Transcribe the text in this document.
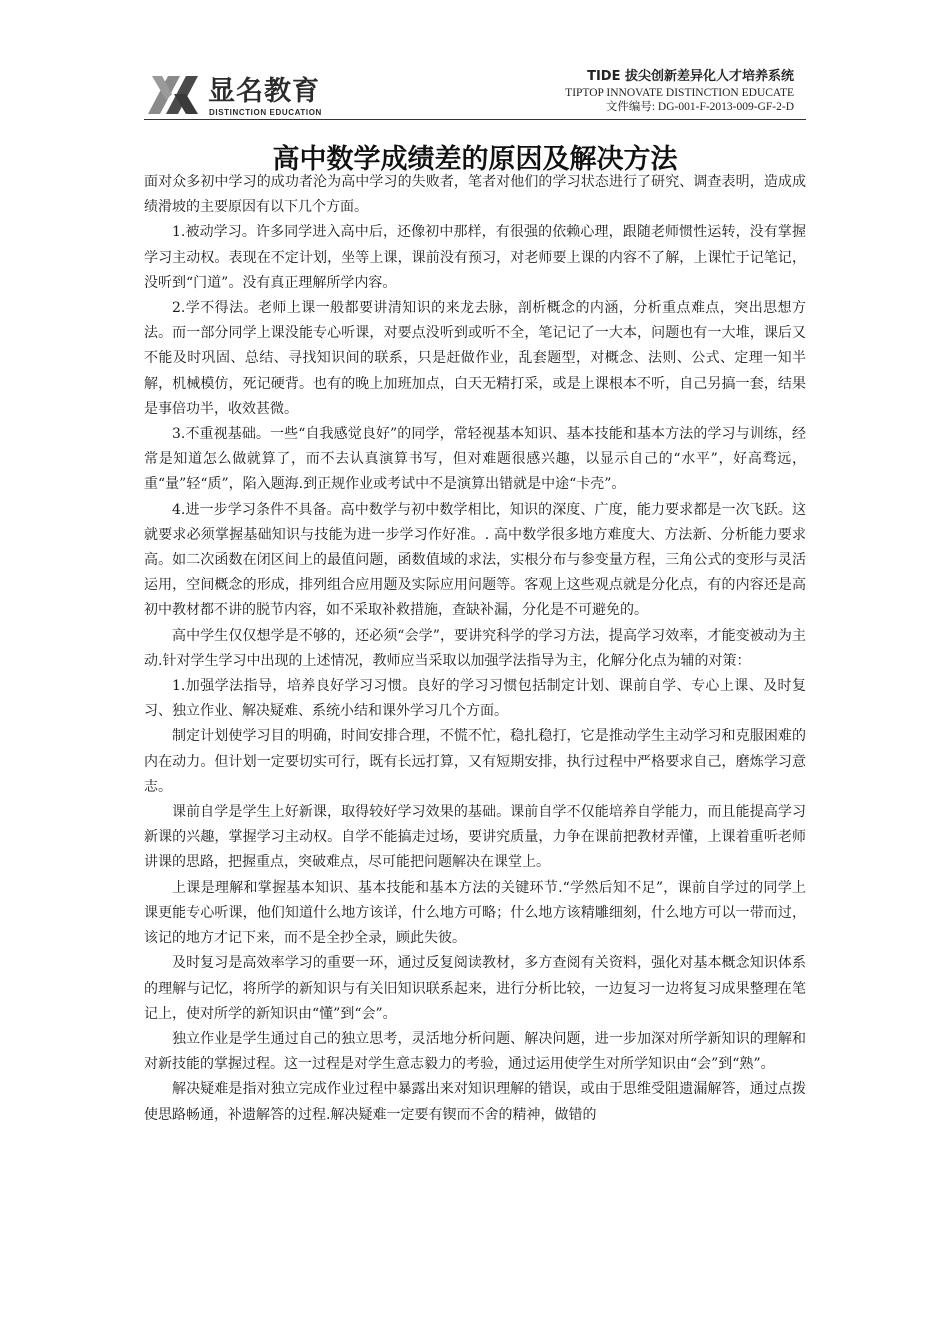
显名教育
DISTINCTION EDUCATION
TIDE 拔尖创新差异化人才培养系统
TIPTOP INNOVATE DISTINCTION EDUCATE
文件编号: DG-001-F-2013-009-GF-2-D
高中数学成绩差的原因及解决方法

面对众多初中学习的成功者沦为高中学习的失败者，笔者对他们的学习状态进行了研究、调查表明，造成成绩滑坡的主要原因有以下几个方面。

1.被动学习。许多同学进入高中后，还像初中那样，有很强的依赖心理，跟随老师惯性运转，没有掌握学习主动权。表现在不定计划，坐等上课，课前没有预习，对老师要上课的内容不了解，上课忙于记笔记，没听到“门道”。没有真正理解所学内容。

2.学不得法。老师上课一般都要讲清知识的来龙去脉，剖析概念的内涵，分析重点难点，突出思想方法。而一部分同学上课没能专心听课，对要点没听到或听不全，笔记记了一大本，问题也有一大堆，课后又不能及时巩固、总结、寻找知识间的联系，只是赶做作业，乱套题型，对概念、法则、公式、定理一知半解，机械模仿，死记硬背。也有的晚上加班加点，白天无精打采，或是上课根本不听，自己另搞一套，结果是事倍功半，收效甚微。

3.不重视基础。一些“自我感觉良好”的同学，常轻视基本知识、基本技能和基本方法的学习与训练，经常是知道怎么做就算了，而不去认真演算书写，但对难题很感兴趣，以显示自己的“水平”，好高骛远，重“量”轻“质”，陷入题海.到正规作业或考试中不是演算出错就是中途“卡壳”。

4.进一步学习条件不具备。高中数学与初中数学相比，知识的深度、广度，能力要求都是一次飞跃。这就要求必须掌握基础知识与技能为进一步学习作好准。. 高中数学很多地方难度大、方法新、分析能力要求高。如二次函数在闭区间上的最值问题，函数值域的求法，实根分布与参变量方程，三角公式的变形与灵活运用，空间概念的形成，排列组合应用题及实际应用问题等。客观上这些观点就是分化点，有的内容还是高初中教材都不讲的脱节内容，如不采取补救措施，查缺补漏，分化是不可避免的。

高中学生仅仅想学是不够的，还必须“会学”，要讲究科学的学习方法，提高学习效率，才能变被动为主动.针对学生学习中出现的上述情况，教师应当采取以加强学法指导为主，化解分化点为辅的对策：

1.加强学法指导，培养良好学习习惯。良好的学习习惯包括制定计划、课前自学、专心上课、及时复习、独立作业、解决疑难、系统小结和课外学习几个方面。

制定计划使学习目的明确，时间安排合理，不慌不忙，稳扎稳打，它是推动学生主动学习和克服困难的内在动力。但计划一定要切实可行，既有长远打算，又有短期安排，执行过程中严格要求自己，磨炼学习意志。

课前自学是学生上好新课，取得较好学习效果的基础。课前自学不仅能培养自学能力，而且能提高学习新课的兴趣，掌握学习主动权。自学不能搞走过场，要讲究质量，力争在课前把教材弄懂，上课着重听老师讲课的思路，把握重点，突破难点，尽可能把问题解决在课堂上。

上课是理解和掌握基本知识、基本技能和基本方法的关键环节.“学然后知不足”，课前自学过的同学上课更能专心听课，他们知道什么地方该详，什么地方可略；什么地方该精雕细刻，什么地方可以一带而过，该记的地方才记下来，而不是全抄全录，顾此失彼。

及时复习是高效率学习的重要一环，通过反复阅读教材，多方查阅有关资料，强化对基本概念知识体系的理解与记忆，将所学的新知识与有关旧知识联系起来，进行分析比较，一边复习一边将复习成果整理在笔记上，使对所学的新知识由“懂”到“会”。

独立作业是学生通过自己的独立思考，灵活地分析问题、解决问题，进一步加深对所学新知识的理解和对新技能的掌握过程。这一过程是对学生意志毅力的考验，通过运用使学生对所学知识由“会”到“熟”。

解决疑难是指对独立完成作业过程中暴露出来对知识理解的错误，或由于思维受阻遗漏解答，通过点拨使思路畅通，补遗解答的过程.解决疑难一定要有锲而不舍的精神，做错的
